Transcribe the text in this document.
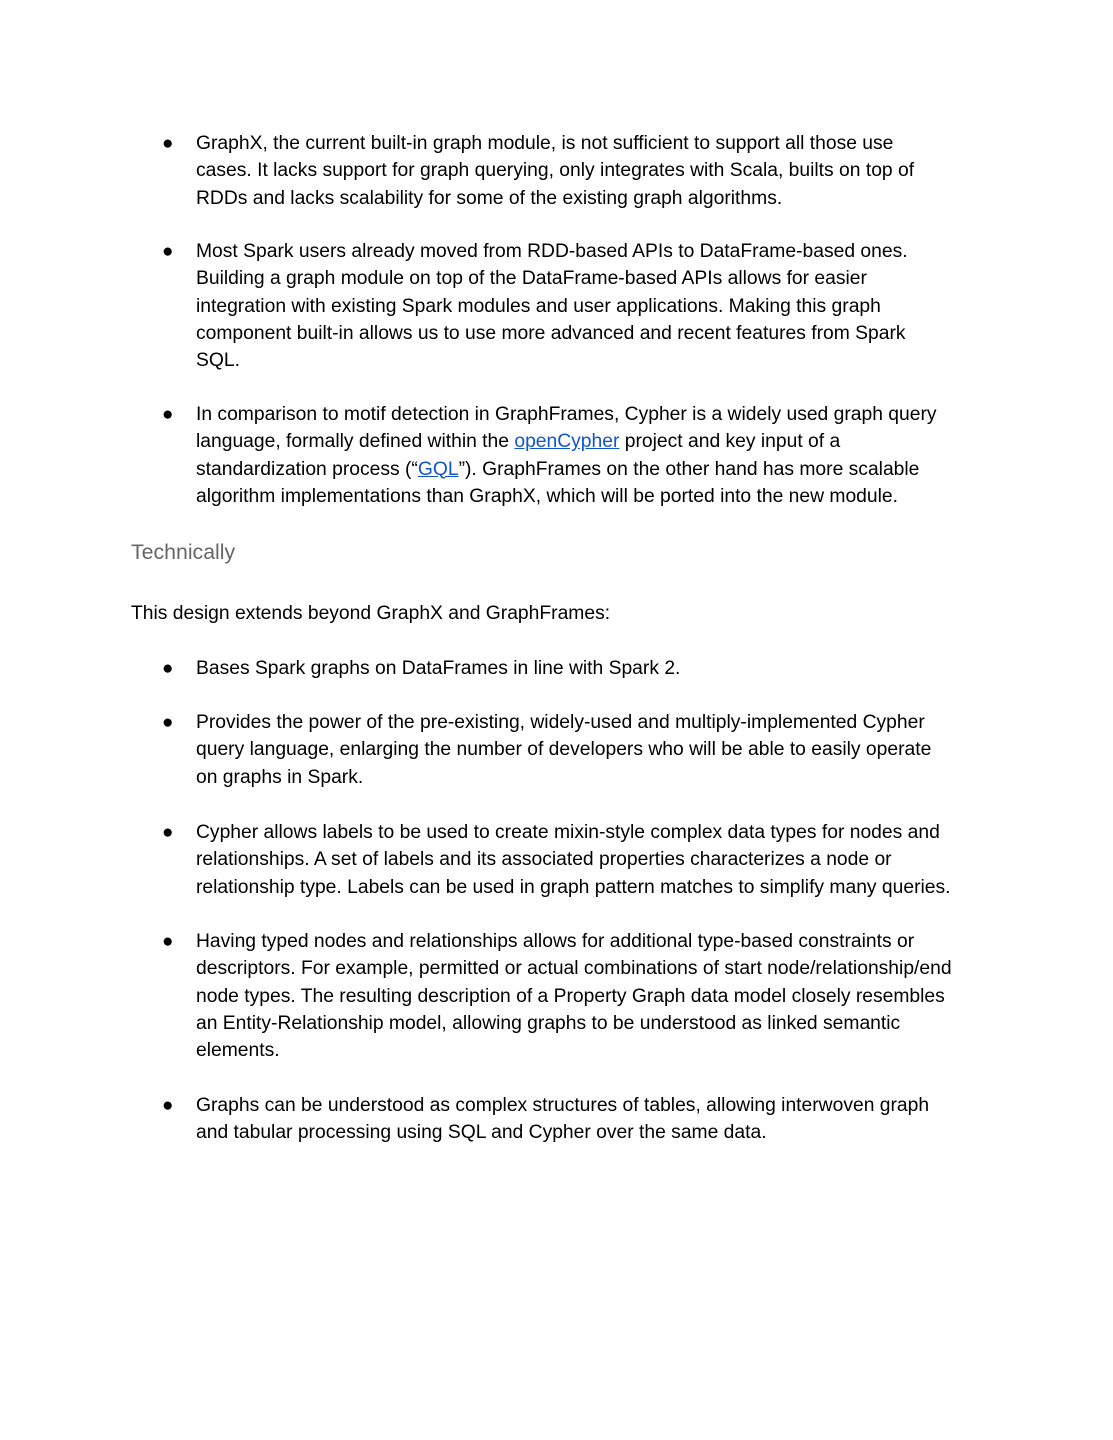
●	GraphX, the current built-in graph module, is not sufficient to support all those use
cases. It lacks support for graph querying, only integrates with Scala, builts on top of
RDDs and lacks scalability for some of the existing graph algorithms.
●	Most Spark users already moved from RDD-based APIs to DataFrame-based ones.
Building a graph module on top of the DataFrame-based APIs allows for easier
integration with existing Spark modules and user applications. Making this graph
component built-in allows us to use more advanced and recent features from Spark
SQL.
●	In comparison to motif detection in GraphFrames, Cypher is a widely used graph query
language, formally defined within the openCypher project and key input of a
standardization process (“GQL”). GraphFrames on the other hand has more scalable
algorithm implementations than GraphX, which will be ported into the new module.
Technically
This design extends beyond GraphX and GraphFrames:
●	Bases Spark graphs on DataFrames in line with Spark 2.
●	Provides the power of the pre-existing, widely-used and multiply-implemented Cypher
query language, enlarging the number of developers who will be able to easily operate
on graphs in Spark.
●	Cypher allows labels to be used to create mixin-style complex data types for nodes and
relationships. A set of labels and its associated properties characterizes a node or
relationship type. Labels can be used in graph pattern matches to simplify many queries.
●	Having typed nodes and relationships allows for additional type-based constraints or
descriptors. For example, permitted or actual combinations of start node/relationship/end
node types. The resulting description of a Property Graph data model closely resembles
an Entity-Relationship model, allowing graphs to be understood as linked semantic
elements.
●	Graphs can be understood as complex structures of tables, allowing interwoven graph
and tabular processing using SQL and Cypher over the same data.
